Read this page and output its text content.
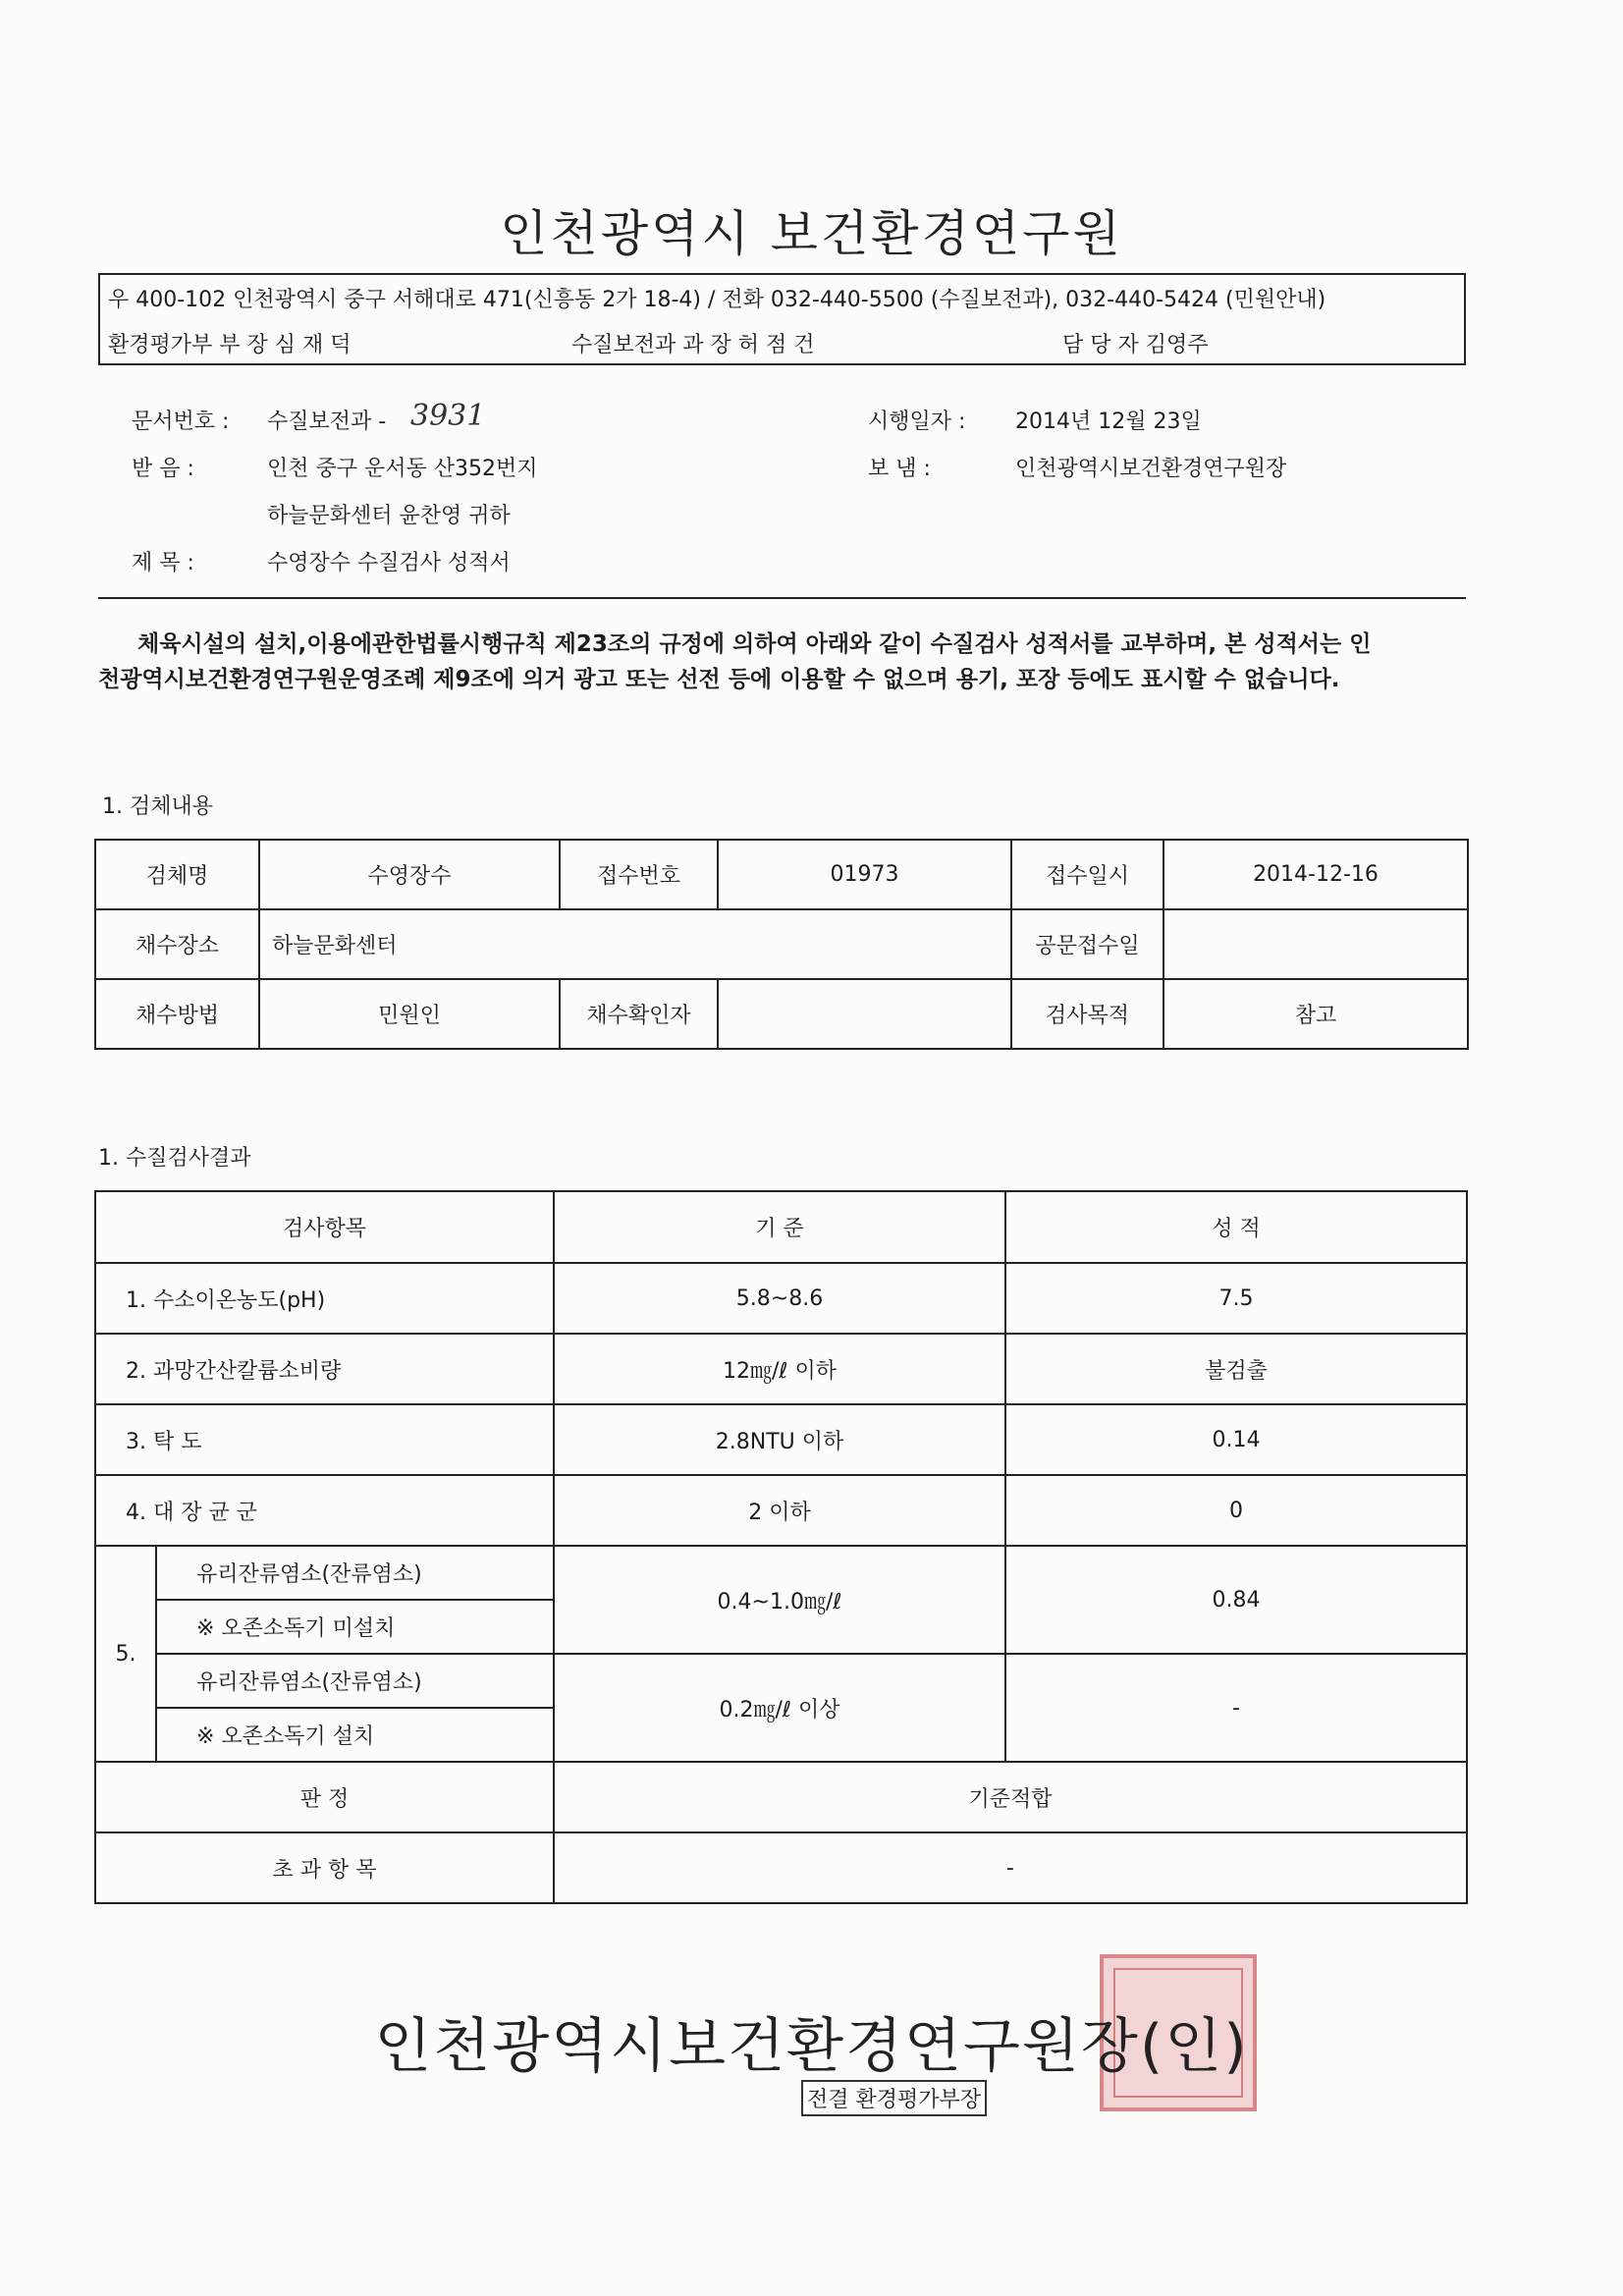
인천광역시 보건환경연구원
우 400-102 인천광역시 중구 서해대로 471(신흥동 2가 18-4) / 전화 032-440-5500 (수질보전과), 032-440-5424 (민원안내)
환경평가부 부 장 심 재 덕	수질보전과 과 장 허 점 건	담 당 자 김영주
문서번호 : 수질보전과 - 3931	시행일자 : 2014년 12월 23일
받 음 :	인천 중구 운서동 산352번지	보 냄 :	인천광역시보건환경연구원장
하늘문화센터 윤찬영 귀하
제 목 :	수영장수 수질검사 성적서
체육시설의 설치,이용에관한법률시행규칙 제23조의 규정에 의하여 아래와 같이 수질검사 성적서를 교부하며, 본 성적서는 인
천광역시보건환경연구원운영조례 제9조에 의거 광고 또는 선전 등에 이용할 수 없으며 용기, 포장 등에도 표시할 수 없습니다.
1. 검체내용
검체명	수영장수	접수번호	01973	접수일시	2014-12-16
채수장소	하늘문화센터			공문접수일	
채수방법	민원인	채수확인자		검사목적	참고
1. 수질검사결과
검사항목		기 준	성 적
1. 수소이온농도(pH)		5.8~8.6	7.5
2. 과망간산칼륨소비량		12㎎/ℓ 이하	불검출
3. 탁 도		2.8NTU 이하	0.14
4. 대 장 균 군		2 이하	0
5.	유리잔류염소(잔류염소)	0.4~1.0㎎/ℓ	0.84
	※ 오존소독기 미설치		
	유리잔류염소(잔류염소)	0.2㎎/ℓ 이상	-
	※ 오존소독기 설치		
판 정		기준적합	
초 과 항 목		-	
인천광역시보건환경연구원장(인)
전결 환경평가부장
